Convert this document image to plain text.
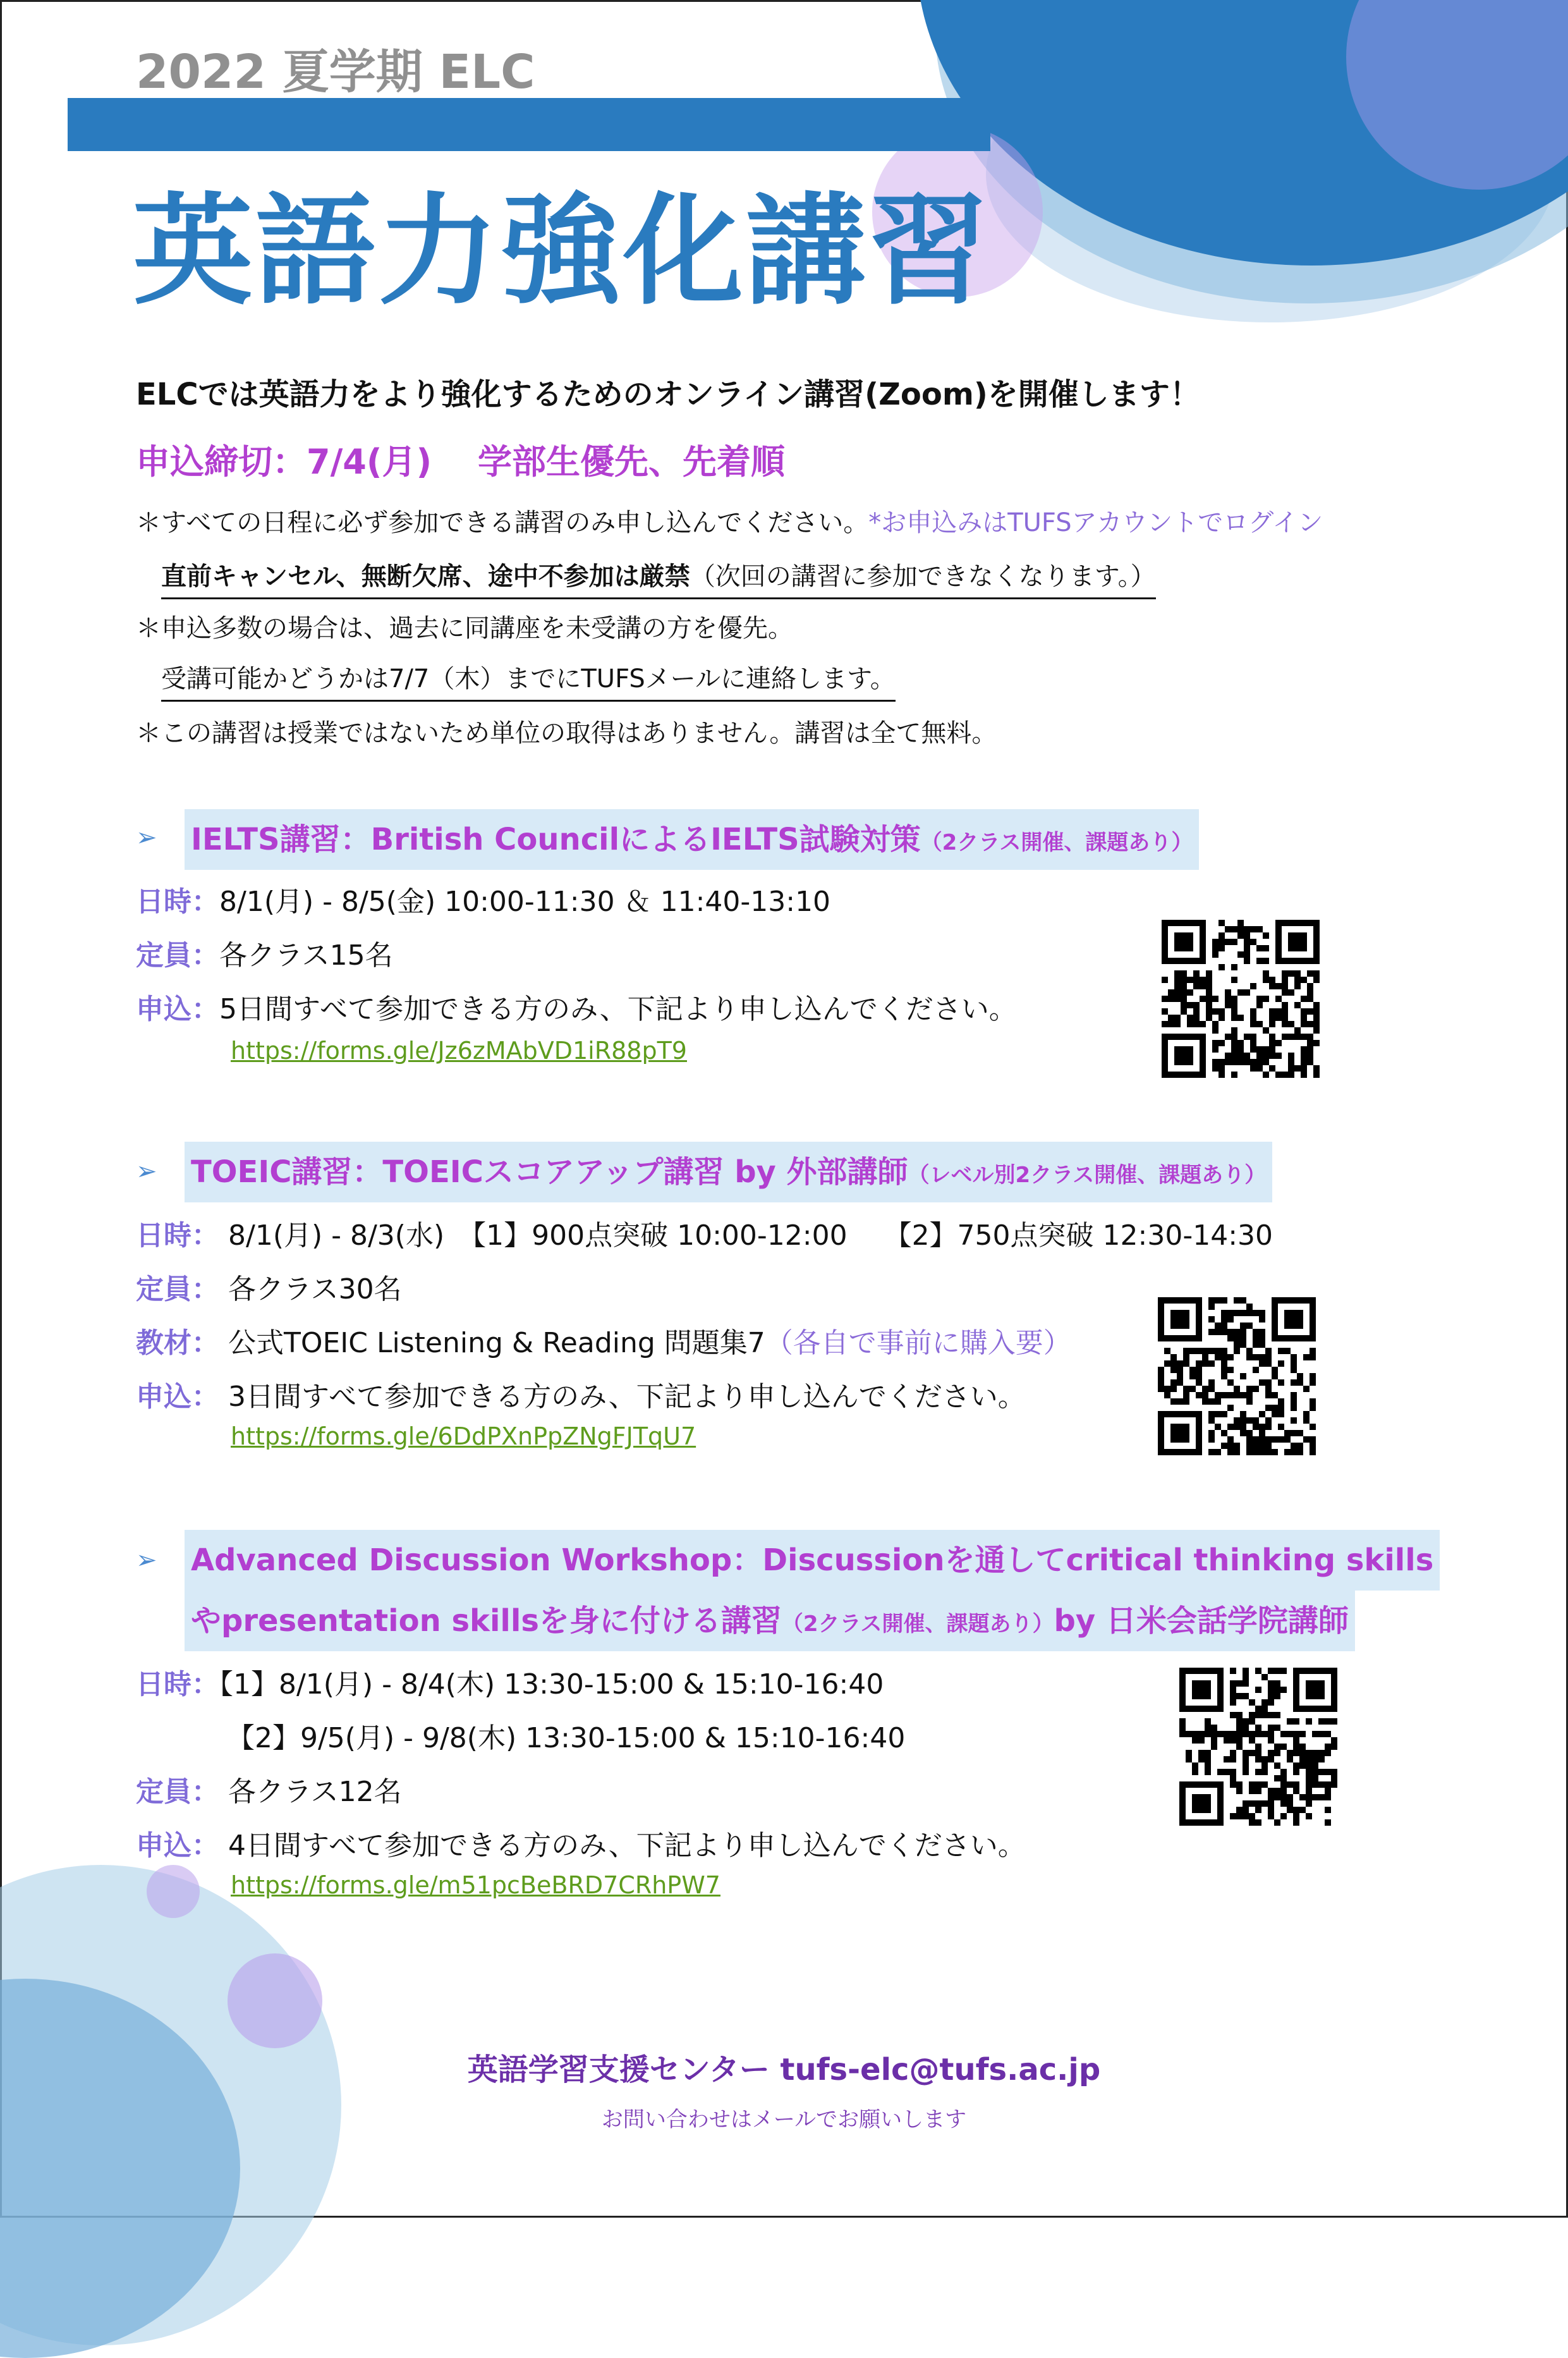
2022 夏学期 ELC
英語力強化講習
ELCでは英語力をより強化するためのオンライン講習(Zoom)を開催します！
申込締切：7/4(月)　 学部生優先、先着順
＊すべての日程に必ず参加できる講習のみ申し込んでください。*お申込みはTUFSアカウントでログイン
直前キャンセル、無断欠席、途中不参加は厳禁（次回の講習に参加できなくなります。）
＊申込多数の場合は、過去に同講座を未受講の方を優先。
受講可能かどうかは7/7（木）までにTUFSメールに連絡します。
＊この講習は授業ではないため単位の取得はありません。講習は全て無料。
➢ IELTS講習：British CouncilによるIELTS試験対策（2クラス開催、課題あり）
日時：8/1(月) - 8/5(金) 10:00-11:30 ＆ 11:40-13:10
定員：各クラス15名
申込：5日間すべて参加できる方のみ、下記より申し込んでください。
https://forms.gle/Jz6zMAbVD1iR88pT9
➢ TOEIC講習：TOEICスコアアップ講習 by 外部講師（レベル別2クラス開催、課題あり）
日時： 8/1(月) - 8/3(水)　【1】900点突破 10:00-12:00　 【2】750点突破 12:30-14:30
定員： 各クラス30名
教材： 公式TOEIC Listening & Reading 問題集7（各自で事前に購入要）
申込： 3日間すべて参加できる方のみ、下記より申し込んでください。
https://forms.gle/6DdPXnPpZNgFJTqU7
➢ Advanced Discussion Workshop：Discussionを通してcritical thinking skills
やpresentation skillsを身に付ける講習（2クラス開催、課題あり）by 日米会話学院講師
日時：【1】8/1(月) - 8/4(木) 13:30-15:00 & 15:10-16:40
【2】9/5(月) - 9/8(木) 13:30-15:00 & 15:10-16:40
定員： 各クラス12名
申込： 4日間すべて参加できる方のみ、下記より申し込んでください。
https://forms.gle/m51pcBeBRD7CRhPW7
英語学習支援センター tufs-elc@tufs.ac.jp
お問い合わせはメールでお願いします
